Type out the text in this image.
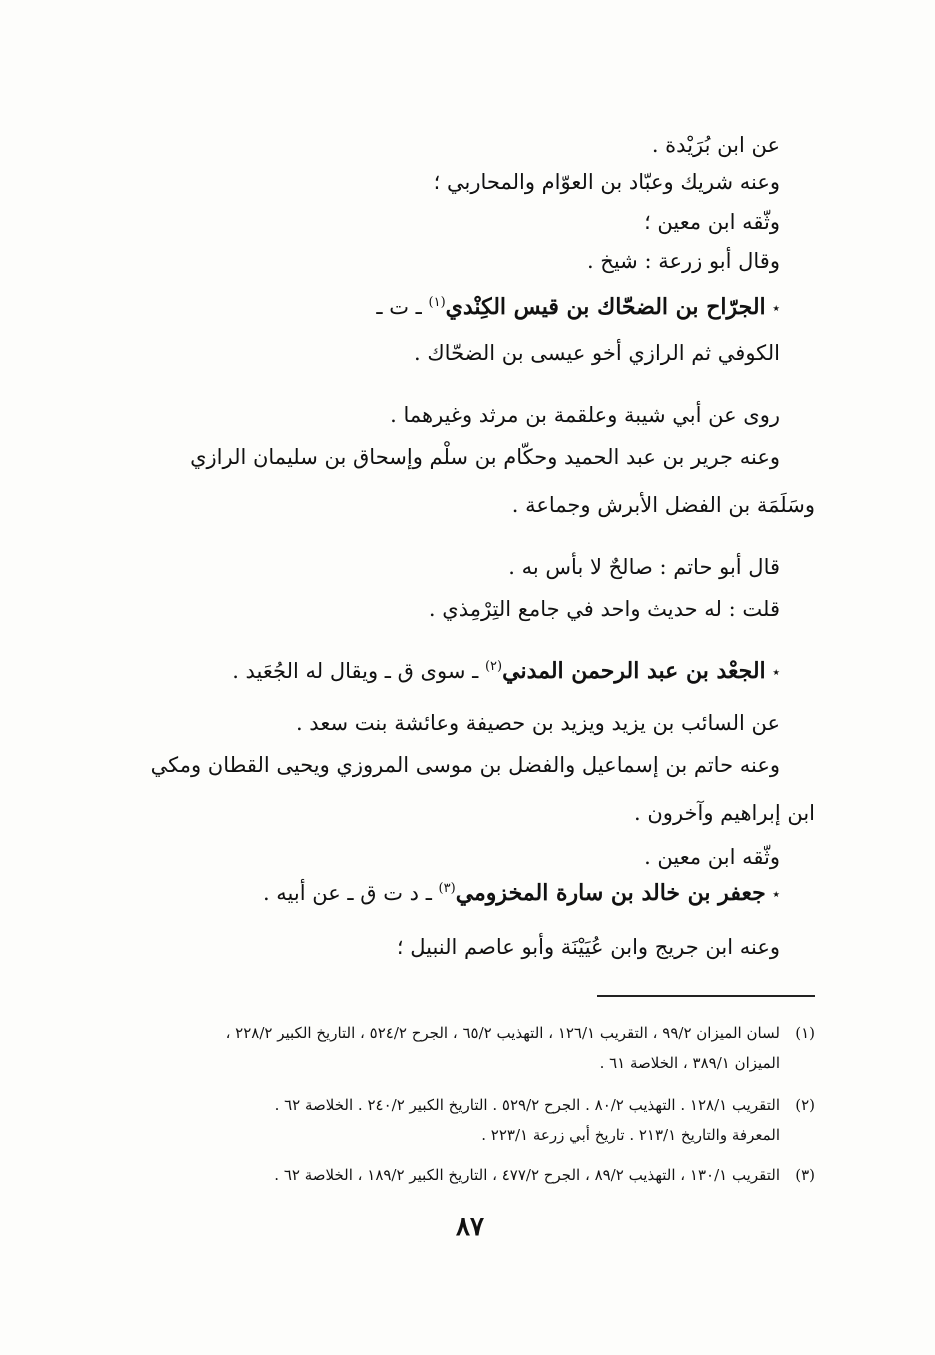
عن ابن بُرَيْدة .
وعنه شريك وعبّاد بن العوّام والمحاربي ؛
وثّقه ابن معين ؛
وقال أبو زرعة : شيخ .
٭ الجرّاح بن الضحّاك بن قيس الكِنْدي$^{(١)}$ ـ ت ـ
الكوفي ثم الرازي أخو عيسى بن الضحّاك .
روى عن أبي شيبة وعلقمة بن مرثد وغيرهما .
وعنه جرير بن عبد الحميد وحكّام بن سلْم وإسحاق بن سليمان الرازي
وسَلَمَة بن الفضل الأبرش وجماعة .
قال أبو حاتم : صالحٌ لا بأس به .
قلت : له حديث واحد في جامع التِرْمِذي .
٭ الجعْد بن عبد الرحمن المدني$^{(٢)}$ ـ سوى ق ـ ويقال له الجُعَيد .
عن السائب بن يزيد ويزيد بن حصيفة وعائشة بنت سعد .
وعنه حاتم بن إسماعيل والفضل بن موسى المروزي ويحيى القطان ومكي
ابن إبراهيم وآخرون .
وثّقه ابن معين .
٭ جعفر بن خالد بن سارة المخزومي$^{(٣)}$ ـ د ت ق ـ عن أبيه .
وعنه ابن جريج وابن عُيَيْنَة وأبو عاصم النبيل ؛
(١)
لسان الميزان ٩٩/٢ ، التقريب ١٢٦/١ ، التهذيب ٦٥/٢ ، الجرح ٥٢٤/٢ ، التاريخ الكبير ٢٢٨/٢ ،
الميزان ٣٨٩/١ ، الخلاصة ٦١ .
(٢)
التقريب ١٢٨/١ . التهذيب ٨٠/٢ . الجرح ٥٢٩/٢ . التاريخ الكبير ٢٤٠/٢ . الخلاصة ٦٢ .
المعرفة والتاريخ ٢١٣/١ . تاريخ أبي زرعة ٢٢٣/١ .
(٣)
التقريب ١٣٠/١ ، التهذيب ٨٩/٢ ، الجرح ٤٧٧/٢ ، التاريخ الكبير ١٨٩/٢ ، الخلاصة ٦٢ .
٨٧
